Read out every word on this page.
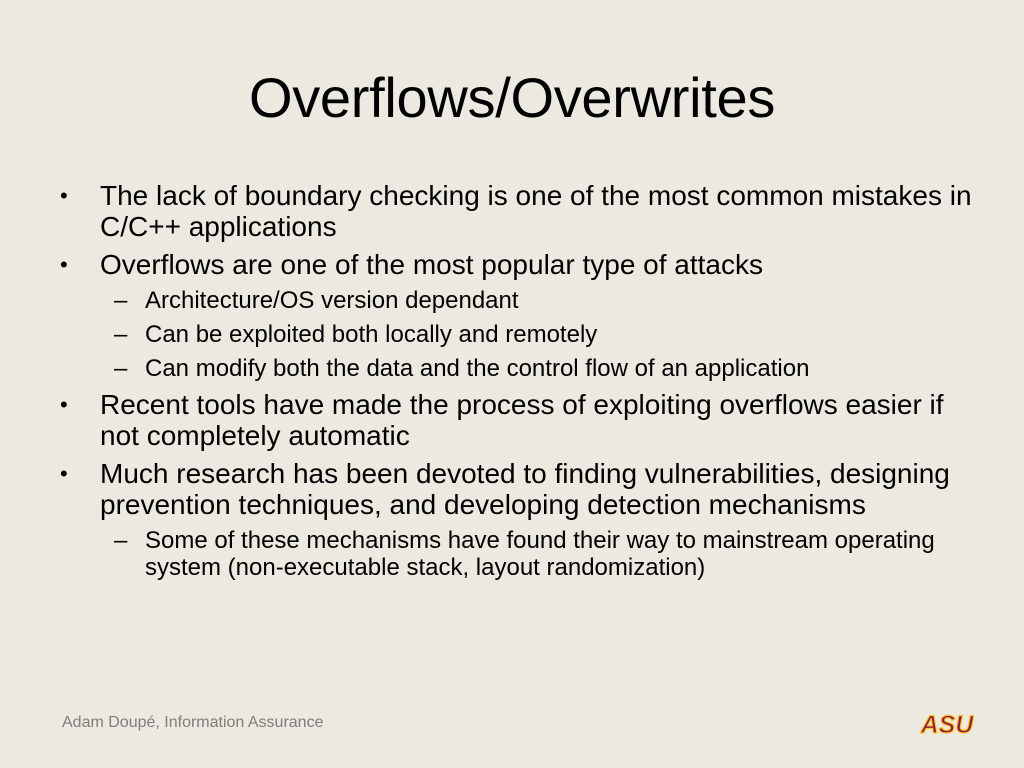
Overflows/Overwrites
• The lack of boundary checking is one of the most common mistakes in C/C++ applications
• Overflows are one of the most popular type of attacks
– Architecture/OS version dependant
– Can be exploited both locally and remotely
– Can modify both the data and the control flow of an application
• Recent tools have made the process of exploiting overflows easier if not completely automatic
• Much research has been devoted to finding vulnerabilities, designing prevention techniques, and developing detection mechanisms
– Some of these mechanisms have found their way to mainstream operating system (non-executable stack, layout randomization)
Adam Doupé, Information Assurance	ASU
